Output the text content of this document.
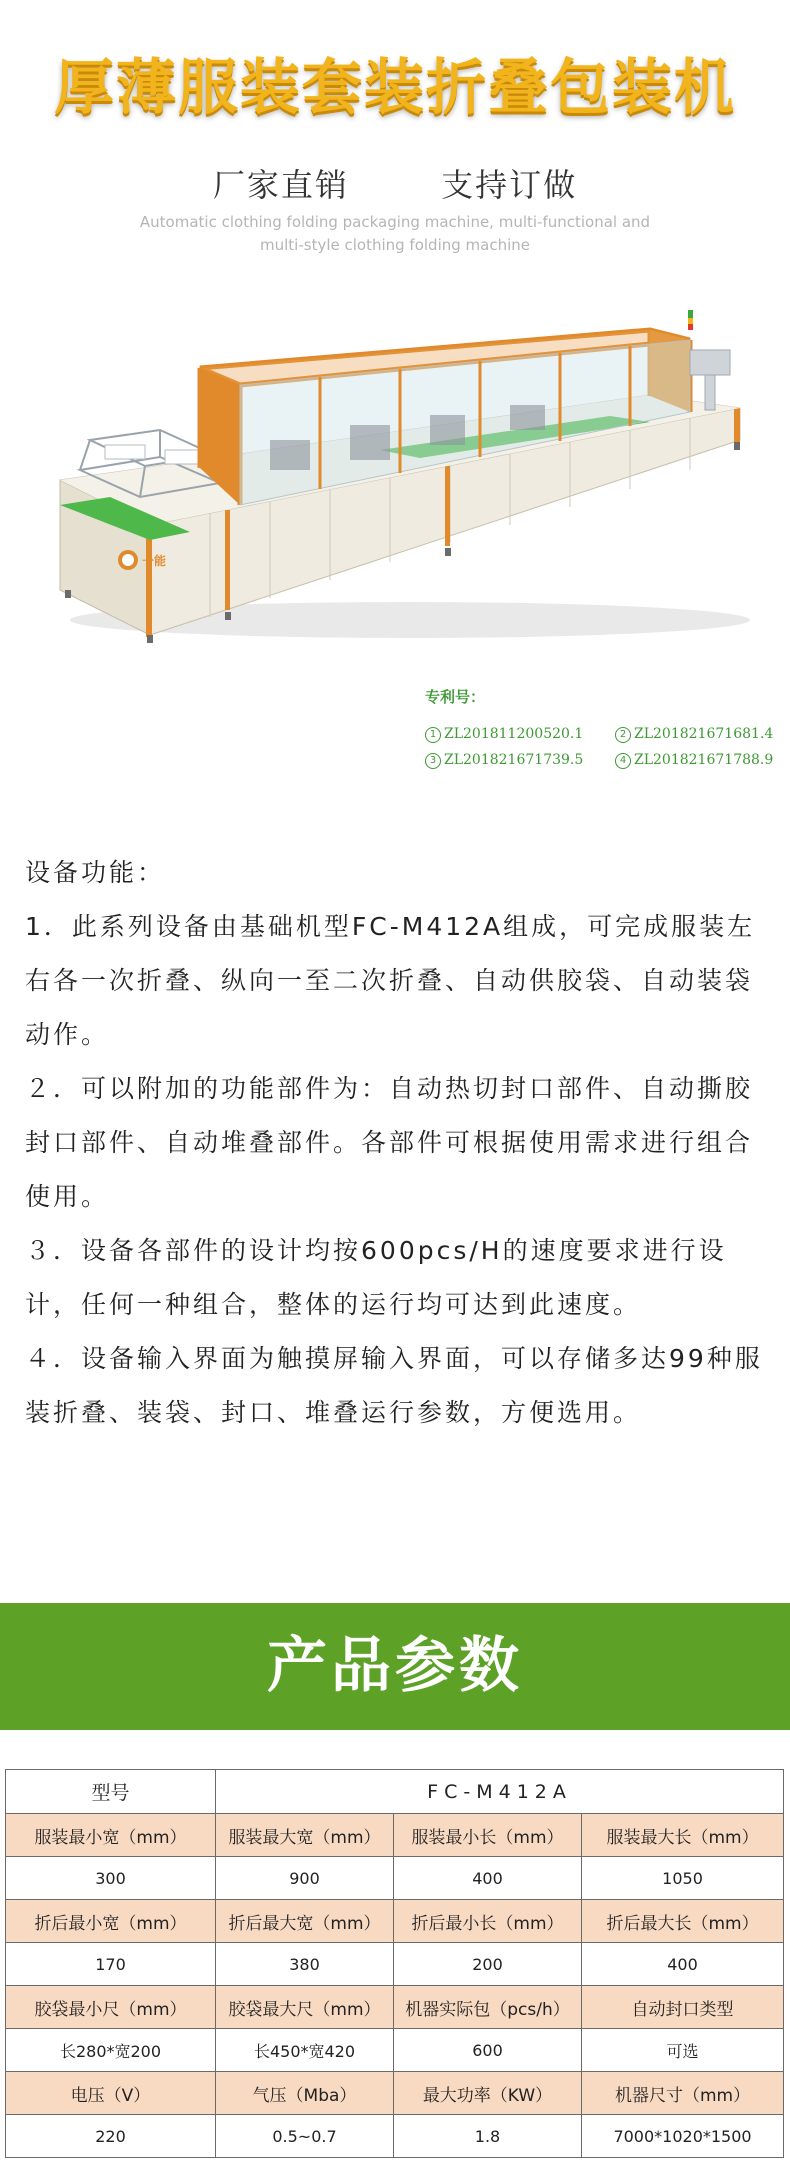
厚薄服装套装折叠包装机
厂家直销	支持订做
Automatic clothing folding packaging machine, multi-functional and multi-style clothing folding machine
一能
专利号：
1 ZL201811200520.1	2 ZL201821671681.4
3 ZL201821671739.5	4 ZL201821671788.9

设备功能：

1．此系列设备由基础机型FC-M412A组成，可完成服装左右各一次折叠、纵向一至二次折叠、自动供胶袋、自动装袋动作。

２．可以附加的功能部件为：自动热切封口部件、自动撕胶封口部件、自动堆叠部件。各部件可根据使用需求进行组合使用。

３．设备各部件的设计均按600pcs/H的速度要求进行设计，任何一种组合，整体的运行均可达到此速度。

４．设备输入界面为触摸屏输入界面，可以存储多达99种服装折叠、装袋、封口、堆叠运行参数，方便选用。

产品参数
型号	FC-M412A		
服装最小宽（mm）	服装最大宽（mm）	服装最小长（mm）	服装最大长（mm）
300	900	400	1050
折后最小宽（mm）	折后最大宽（mm）	折后最小长（mm）	折后最大长（mm）
170	380	200	400
胶袋最小尺（mm）	胶袋最大尺（mm）	机器实际包（pcs/h）	自动封口类型
长280*宽200	长450*宽420	600	可选
电压（V）	气压（Mba）	最大功率（KW）	机器尺寸（mm）
220	0.5~0.7	1.8	7000*1020*1500
